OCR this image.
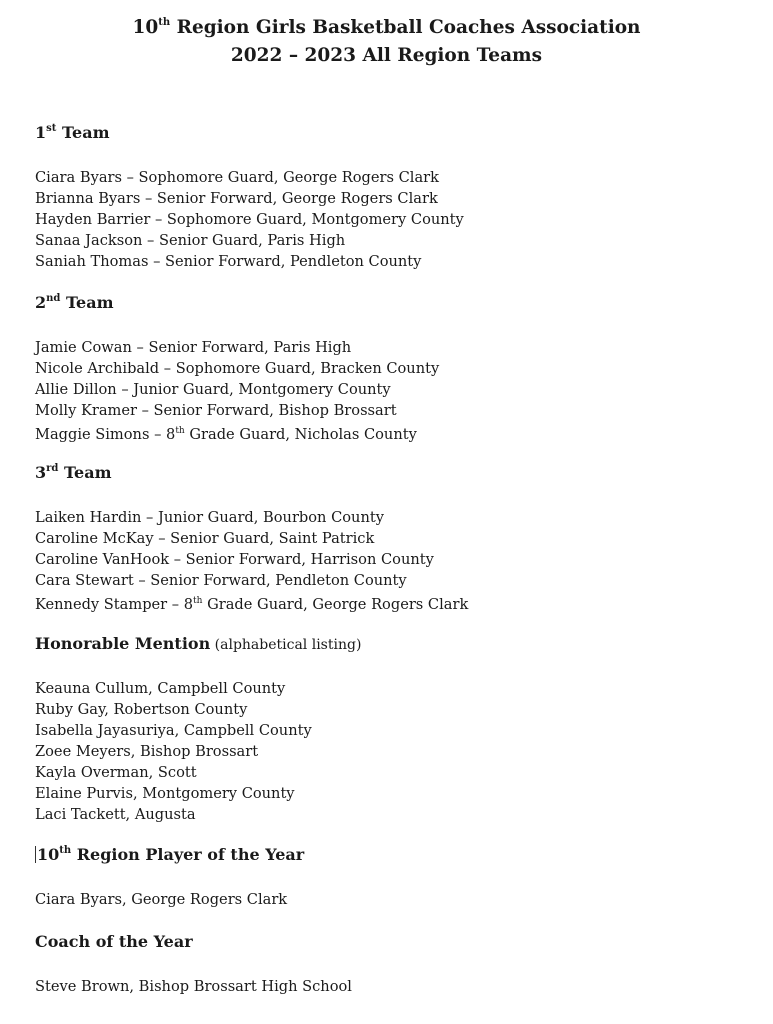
10th Region Girls Basketball Coaches Association
2022 – 2023 All Region Teams
1st Team
Ciara Byars – Sophomore Guard, George Rogers Clark
Brianna Byars – Senior Forward, George Rogers Clark
Hayden Barrier – Sophomore Guard, Montgomery County
Sanaa Jackson – Senior Guard, Paris High
Saniah Thomas – Senior Forward, Pendleton County
2nd Team
Jamie Cowan – Senior Forward, Paris High
Nicole Archibald – Sophomore Guard, Bracken County
Allie Dillon – Junior Guard, Montgomery County
Molly Kramer – Senior Forward, Bishop Brossart
Maggie Simons – 8th Grade Guard, Nicholas County
3rd Team
Laiken Hardin – Junior Guard, Bourbon County
Caroline McKay – Senior Guard, Saint Patrick
Caroline VanHook – Senior Forward, Harrison County
Cara Stewart – Senior Forward, Pendleton County
Kennedy Stamper – 8th Grade Guard, George Rogers Clark
Honorable Mention (alphabetical listing)
Keauna Cullum, Campbell County
Ruby Gay, Robertson County
Isabella Jayasuriya, Campbell County
Zoee Meyers, Bishop Brossart
Kayla Overman, Scott
Elaine Purvis, Montgomery County
Laci Tackett, Augusta
10th Region Player of the Year
Ciara Byars, George Rogers Clark
Coach of the Year
Steve Brown, Bishop Brossart High School
